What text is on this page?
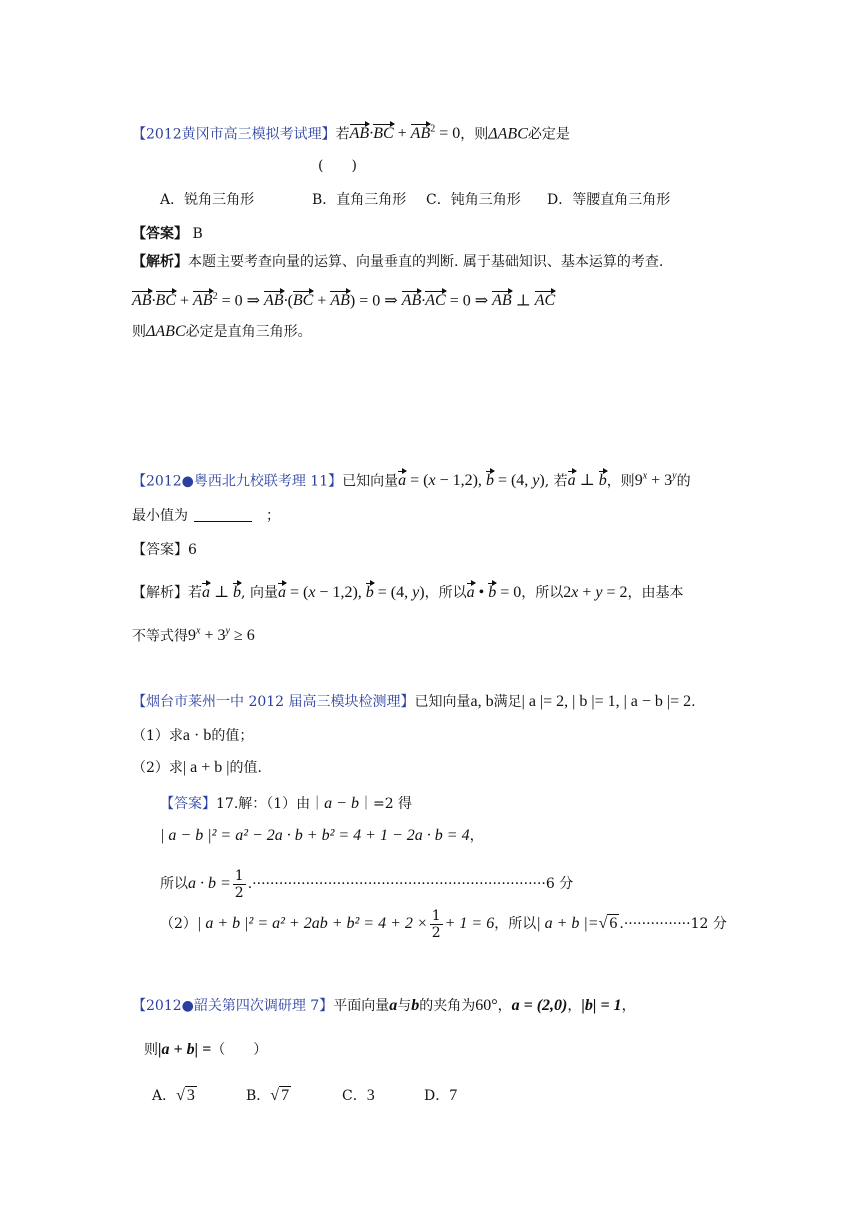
【2012黄冈市高三模拟考试理】若$AB\cdot BC + AB^2 = 0$，则ΔABC必定是
(　　)
A．锐角三角形	B．直角三角形 C．钝角三角形 D．等腰直角三角形
【答案】 B
【解析】本题主要考查向量的运算、向量垂直的判断. 属于基础知识、基本运算的考查.
$AB\cdot BC + AB^2 = 0$ ⇒ AB·(BC + AB) = 0 ⇒ AB·AC = 0 ⇒ AB ⊥ AC
则ΔABC必定是直角三角形。
【2012●粤西北九校联考理 11】已知向量a = (x − 1,2), b = (4, y), 若a ⊥ b，则$9^x + 3^y$的
最小值为	；
【答案】6
【解析】若a ⊥ b, 向量a = (x − 1,2), b = (4, y)，所以a • b = 0，所以2x + y = 2，由基本
不等式得$9^x + 3^y \ge 6$
【烟台市莱州一中 2012 届高三模块检测理】已知向量a, b满足| a |= 2, | b |= 1, | a − b |= 2.
（1）求a · b的值；
（2）求| a + b |的值.
【答案】17.解：（1）由｜a − b｜=2 得
| a − b |² = a² − 2a · b + b² = 4 + 1 − 2a · b = 4，
所以$a \cdot b = \frac{1}{2} .\cdot\cdot\cdot\cdot\cdot\cdot\cdot\cdot\cdot\cdot\cdot\cdot\cdot\cdot\cdot\cdot\cdot\cdot\cdot\cdot\cdot\cdot\cdot\cdot\cdot\cdot\cdot\cdot\cdot\cdot\cdot\cdot\cdot\cdot\cdot\cdot\cdot\cdot\cdot\cdot\cdot\cdot\cdot\cdot\cdot\cdot\cdot\cdot\cdot\cdot\cdot\cdot\cdot\cdot\cdot\cdot\cdot\cdot\cdot\cdot\cdot\cdot\cdot\cdot\cdot\cdot 6$ 分
（2）| a + b $|^2 = a^2 + 2ab + b^2 = 4 + 2 \times \frac{1}{2} + 1 = 6$，所以| a + b |=√ 6 .···············12 分
【2012●韶关第四次调研理 7】平面向量a与b的夹角为60°，a = (2,0)，|b| = 1，
则|a + b| =（　　）
A．√ 3	B．√ 7	C．3	D．7
